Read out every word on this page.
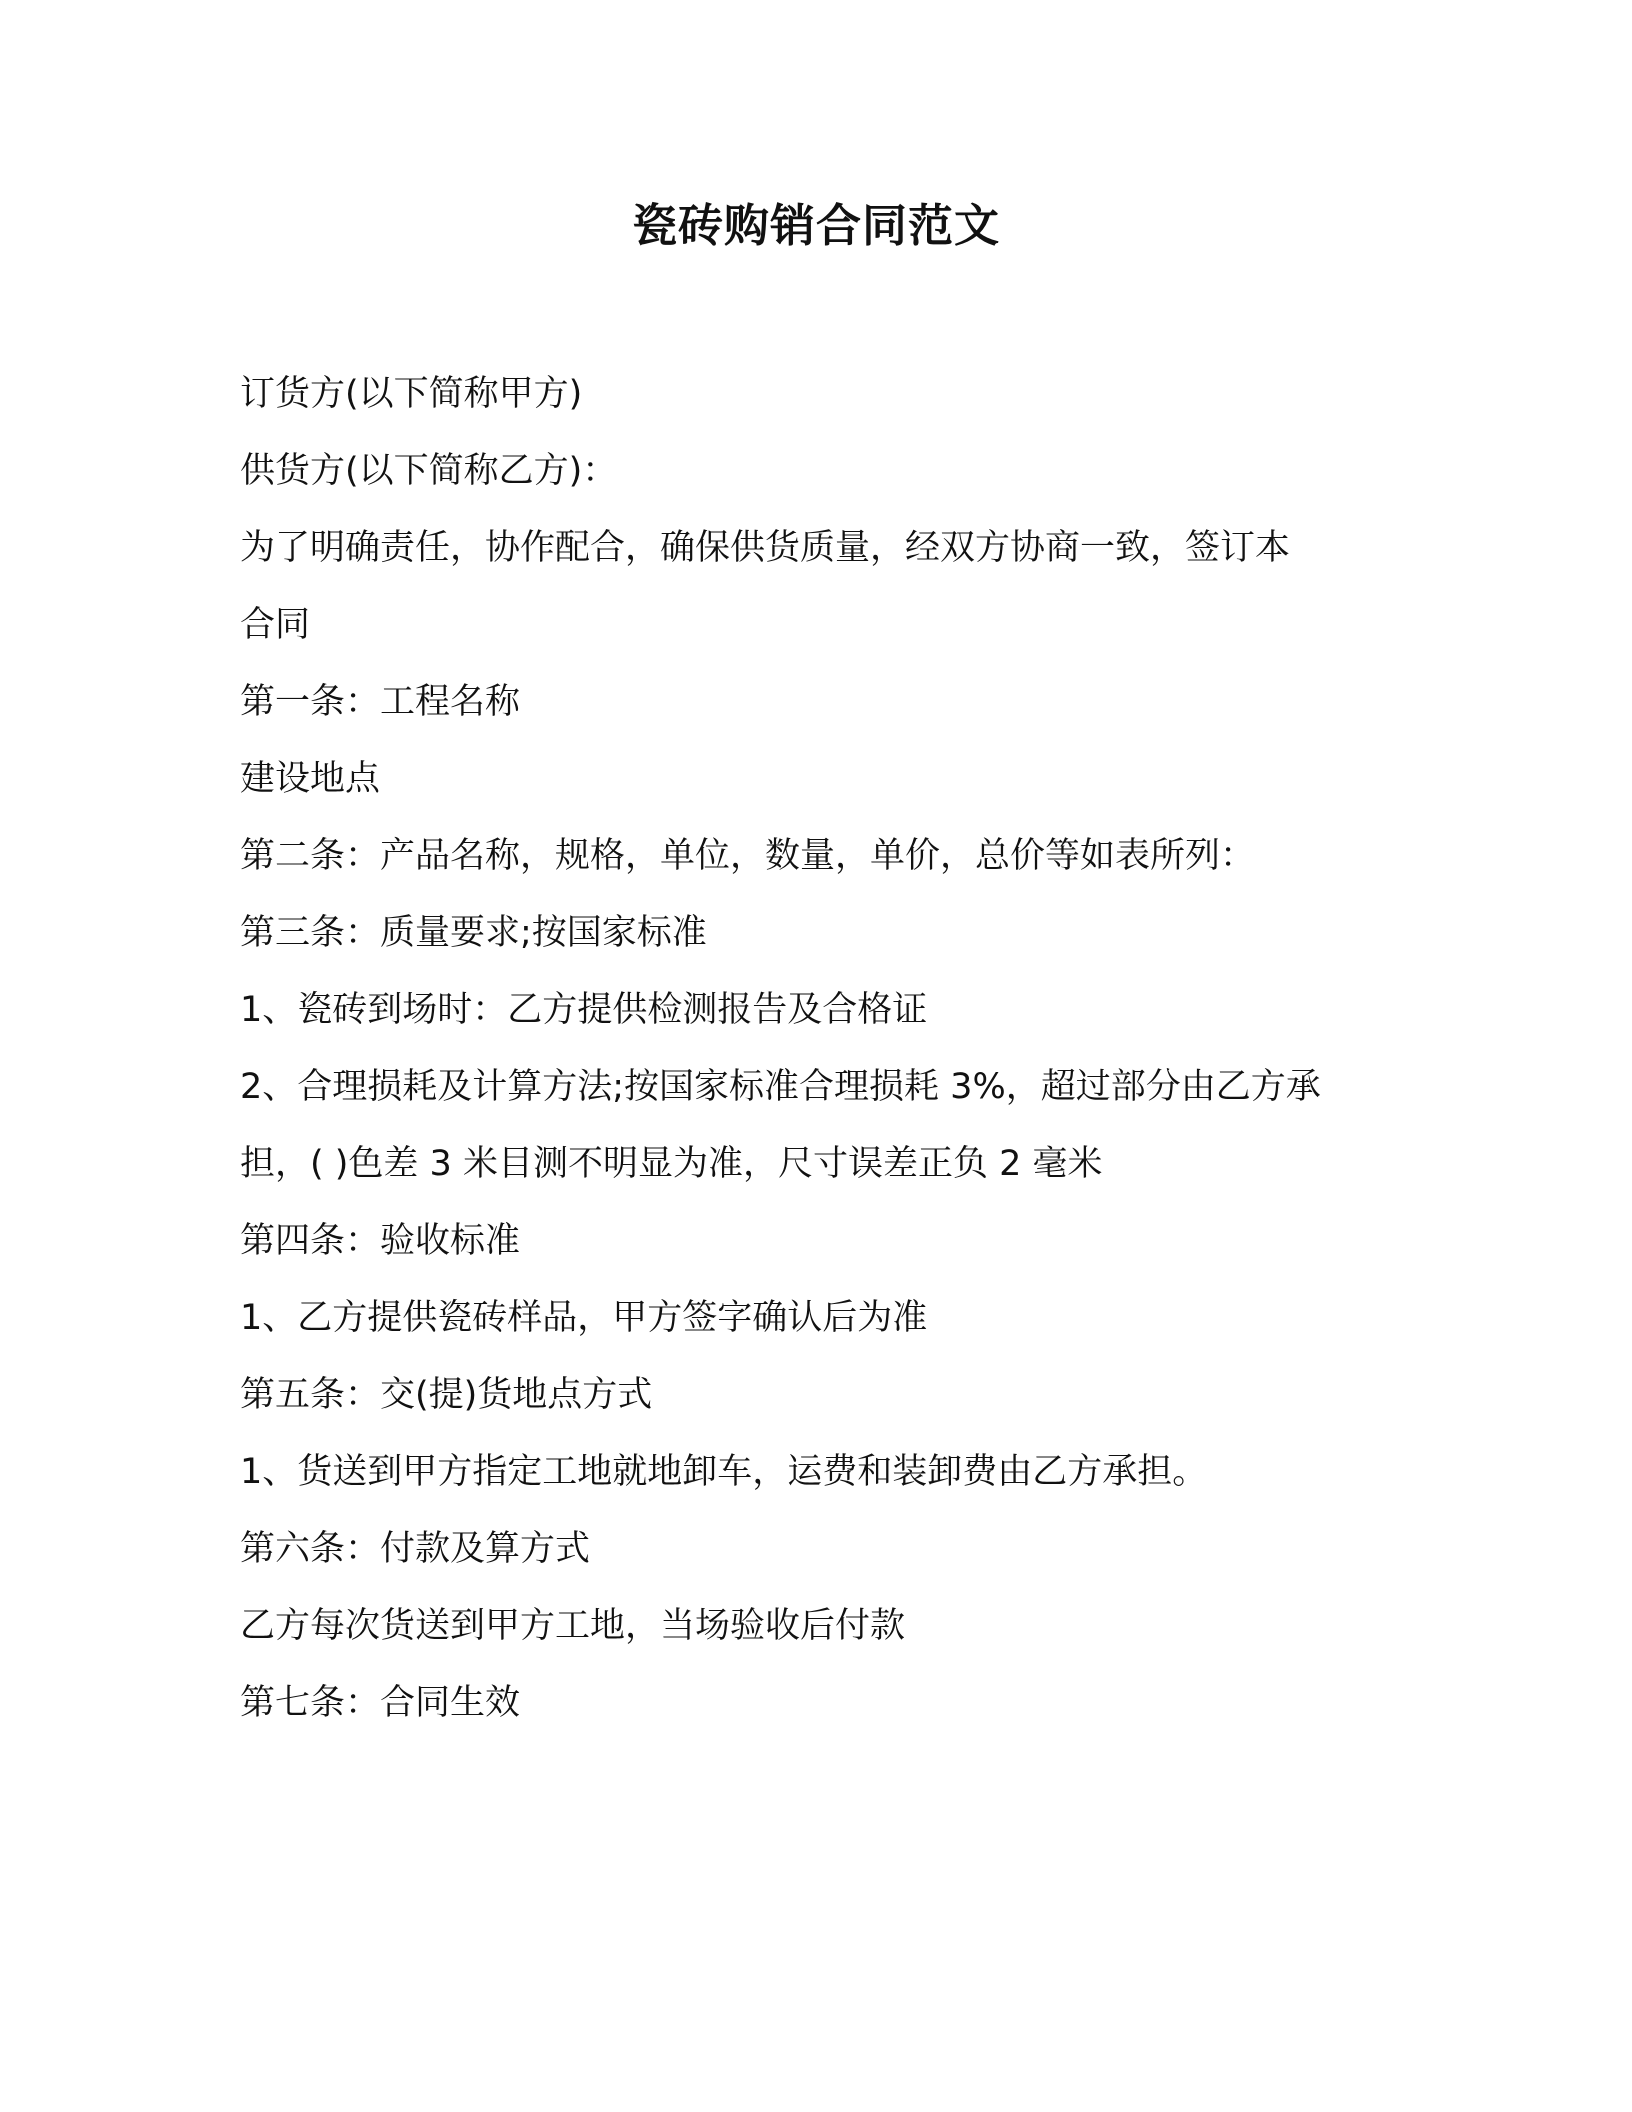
瓷砖购销合同范文
订货方(以下简称甲方)
供货方(以下简称乙方)：
为了明确责任，协作配合，确保供货质量，经双方协商一致，签订本
合同
第一条：工程名称
建设地点
第二条：产品名称，规格，单位，数量，单价，总价等如表所列：
第三条：质量要求;按国家标准
1、瓷砖到场时：乙方提供检测报告及合格证
2、合理损耗及计算方法;按国家标准合理损耗 3%，超过部分由乙方承
担，( )色差 3 米目测不明显为准，尺寸误差正负 2 毫米
第四条：验收标准
1、乙方提供瓷砖样品，甲方签字确认后为准
第五条：交(提)货地点方式
1、货送到甲方指定工地就地卸车，运费和装卸费由乙方承担。
第六条：付款及算方式
乙方每次货送到甲方工地，当场验收后付款
第七条：合同生效
